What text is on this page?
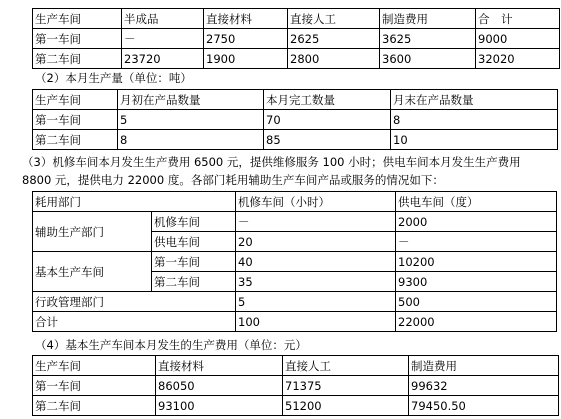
生产车间	半成品	直接材料	直接人工	制造费用	合　计
第一车间	－	2750	2625	3625	9000
第二车间	23720	1900	2800	3600	32020
（2）本月生产量（单位：吨）
生产车间	月初在产品数量	本月完工数量	月末在产品数量
第一车间	5	70	8
第二车间	8	85	10
（3）机修车间本月发生生产费用 6500 元，提供维修服务 100 小时；供电车间本月发生生产费用
8800 元，提供电力 22000 度。各部门耗用辅助生产车间产品或服务的情况如下：
耗用部门		机修车间（小时）	供电车间（度）
辅助生产部门	机修车间	－	2000
	供电车间	20	－
基本生产车间	第一车间	40	10200
	第二车间	35	9300
行政管理部门		5	500
合计		100	22000
（4）基本生产车间本月发生的生产费用（单位：元）
生产车间	直接材料	直接人工	制造费用
第一车间	86050	71375	99632
第二车间	93100	51200	79450.50
